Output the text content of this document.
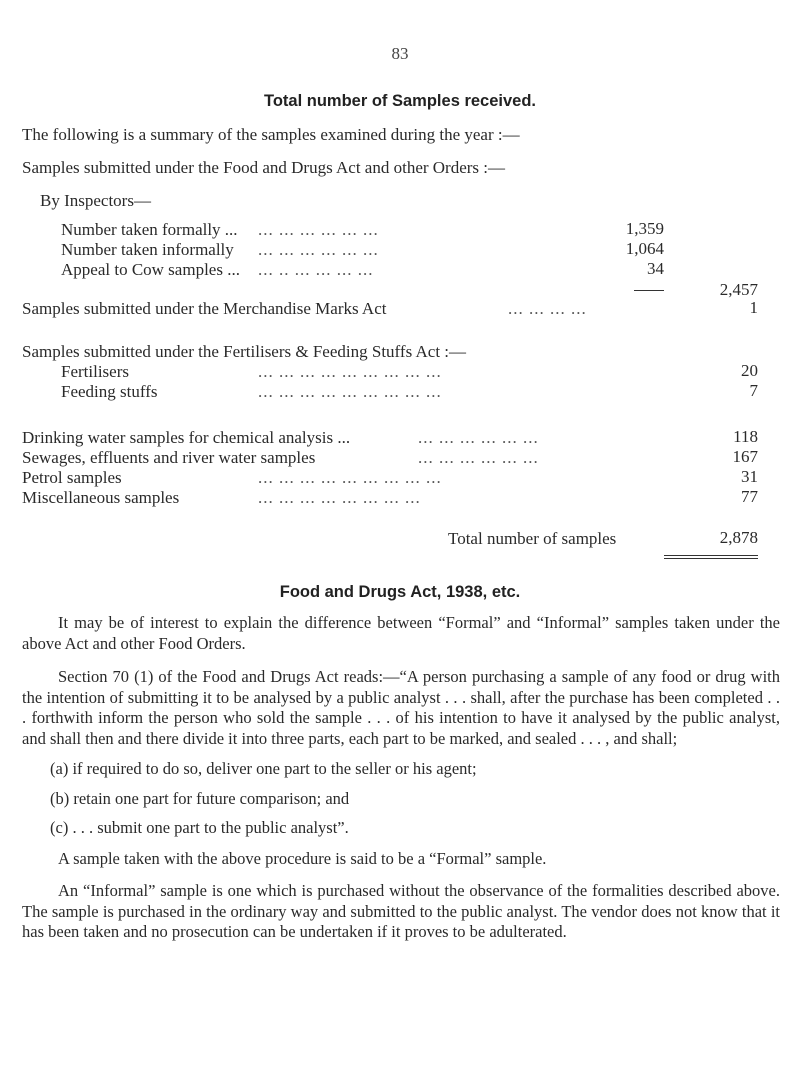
83
Total number of Samples received.
The following is a summary of the samples examined during the year :—
Samples submitted under the Food and Drugs Act and other Orders :—
By Inspectors—
Number taken formally ... ... ... ... ... ... ...	1,359
Number taken informally ... ... ... ... ... ...	1,064
Appeal to Cow samples ... ... .. ... ... ... ...	34
2,457
Samples submitted under the Merchandise Marks Act	... ... ... ...	1
Samples submitted under the Fertilisers & Feeding Stuffs Act :—
Fertilisers	... ... ... ... ... ... ... ... ...	20
Feeding stuffs	... ... ... ... ... ... ... ... ...	7
Drinking water samples for chemical analysis ...	... ... ... ... ... ...	118
Sewages, effluents and river water samples	... ... ... ... ... ...	167
Petrol samples	... ... ... ... ... ... ... ... ...	31
Miscellaneous samples	... ... ... ... ... ... ... ...	77
Total number of samples	2,878
Food and Drugs Act, 1938, etc.
It may be of interest to explain the difference between “Formal” and “Informal” samples taken under the above Act and other Food Orders.
Section 70 (1) of the Food and Drugs Act reads:—“A person purchasing a sample of any food or drug with the intention of submitting it to be analysed by a public analyst . . . shall, after the purchase has been completed . . . forthwith inform the person who sold the sample . . . of his intention to have it analysed by the public analyst, and shall then and there divide it into three parts, each part to be marked, and sealed . . . , and shall;
(a) if required to do so, deliver one part to the seller or his agent;
(b) retain one part for future comparison; and
(c) . . . submit one part to the public analyst”.
A sample taken with the above procedure is said to be a “Formal” sample.
An “Informal” sample is one which is purchased without the observance of the formalities described above. The sample is purchased in the ordinary way and submitted to the public analyst. The vendor does not know that it has been taken and no prosecution can be undertaken if it proves to be adulterated.
